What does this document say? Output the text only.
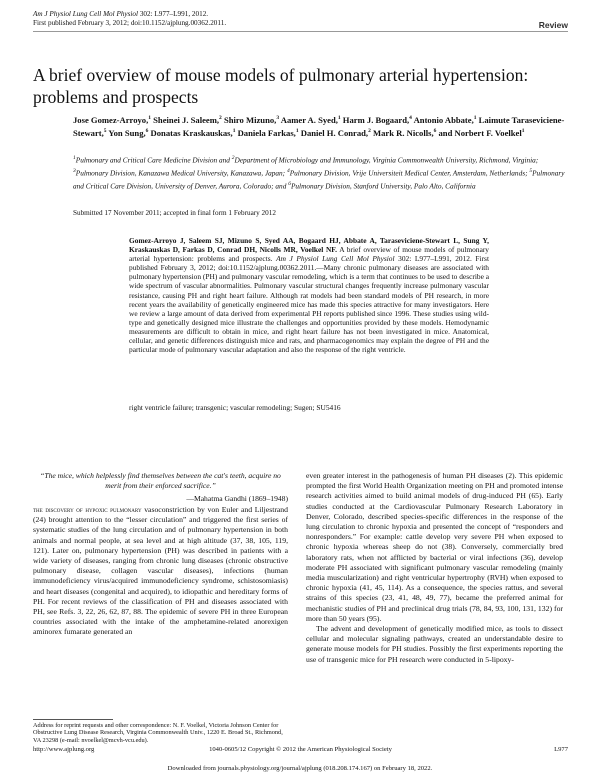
Am J Physiol Lung Cell Mol Physiol 302: L977–L991, 2012.
First published February 3, 2012; doi:10.1152/ajplung.00362.2011.	Review
A brief overview of mouse models of pulmonary arterial hypertension: problems and prospects
Jose Gomez-Arroyo,$^1$ Sheinei J. Saleem,$^2$ Shiro Mizuno,$^3$ Aamer A. Syed,$^1$ Harm J. Bogaard,$^4$ Antonio Abbate,$^1$ Laimute Taraseviciene-Stewart,$^5$ Yon Sung,$^6$ Donatas Kraskauskas,$^1$ Daniela Farkas,$^1$ Daniel H. Conrad,$^2$ Mark R. Nicolls,$^6$ and Norbert F. Voelkel$^1$
$^1$Pulmonary and Critical Care Medicine Division and $^2$Department of Microbiology and Immunology, Virginia Commonwealth University, Richmond, Virginia; $^3$Pulmonary Division, Kanazawa Medical University, Kanazawa, Japan; $^4$Pulmonary Division, Vrije Universiteit Medical Center, Amsterdam, Netherlands; $^5$Pulmonary and Critical Care Division, University of Denver, Aurora, Colorado; and $^6$Pulmonary Division, Stanford University, Palo Alto, California
Submitted 17 November 2011; accepted in final form 1 February 2012
Gomez-Arroyo J, Saleem SJ, Mizuno S, Syed AA, Bogaard HJ, Abbate A, Taraseviciene-Stewart L, Sung Y, Kraskauskas D, Farkas D, Conrad DH, Nicolls MR, Voelkel NF. A brief overview of mouse models of pulmonary arterial hypertension: problems and prospects. Am J Physiol Lung Cell Mol Physiol 302: L977–L991, 2012. First published February 3, 2012; doi:10.1152/ajplung.00362.2011.—Many chronic pulmonary diseases are associated with pulmonary hypertension (PH) and pulmonary vascular remodeling, which is a term that continues to be used to describe a wide spectrum of vascular abnormalities. Pulmonary vascular structural changes frequently increase pulmonary vascular resistance, causing PH and right heart failure. Although rat models had been standard models of PH research, in more recent years the availability of genetically engineered mice has made this species attractive for many investigators. Here we review a large amount of data derived from experimental PH reports published since 1996. These studies using wild-type and genetically designed mice illustrate the challenges and opportunities provided by these models. Hemodynamic measurements are difficult to obtain in mice, and right heart failure has not been investigated in mice. Anatomical, cellular, and genetic differences distinguish mice and rats, and pharmacogenomics may explain the degree of PH and the particular mode of pulmonary vascular adaptation and also the response of the right ventricle.
right ventricle failure; transgenic; vascular remodeling; Sugen; SU5416
“The mice, which helplessly find themselves between the cat's teeth, acquire no merit from their enforced sacrifice.”
—Mahatma Gandhi (1869–1948)
the discovery of hypoxic pulmonary vasoconstriction by von Euler and Liljestrand (24) brought attention to the “lesser circulation” and triggered the first series of systematic studies of the lung circulation and of pulmonary hypertension in both animals and normal people, at sea level and at high altitude (37, 38, 105, 119, 121). Later on, pulmonary hypertension (PH) was described in patients with a wide variety of diseases, ranging from chronic lung diseases (chronic obstructive pulmonary disease, collagen vascular diseases), infections (human immunodeficiency virus/acquired immunodeficiency syndrome, schistosomiasis) and heart diseases (congenital and acquired), to idiopathic and hereditary forms of PH. For recent reviews of the classification of PH and diseases associated with PH, see Refs. 3, 22, 26, 62, 87, 88. The epidemic of severe PH in three European countries associated with the intake of the amphetamine-related anorexigen aminorex fumarate generated an
even greater interest in the pathogenesis of human PH diseases (2). This epidemic prompted the first World Health Organization meeting on PH and promoted intense research activities aimed to build animal models of drug-induced PH (65). Early studies conducted at the Cardiovascular Pulmonary Research Laboratory in Denver, Colorado, described species-specific differences in the response of the lung circulation to chronic hypoxia and presented the concept of “responders and nonresponders.” For example: cattle develop very severe PH when exposed to chronic hypoxia whereas sheep do not (38). Conversely, commercially bred laboratory rats, when not afflicted by bacterial or viral infections (36), develop moderate PH associated with significant pulmonary vascular remodeling (mainly media muscularization) and right ventricular hypertrophy (RVH) when exposed to chronic hypoxia (41, 45, 114). As a consequence, the species rattus, and several strains of this species (23, 41, 48, 49, 77), became the preferred animal for mechanistic studies of PH and preclinical drug trials (78, 84, 93, 100, 131, 132) for more than 50 years (95).
The advent and development of genetically modified mice, as tools to dissect cellular and molecular signaling pathways, created an understandable desire to generate mouse models for PH studies. Possibly the first experiments reporting the use of transgenic mice for PH research were conducted in 5-lipoxy-
Address for reprint requests and other correspondence: N. F. Voelkel, Victoria Johnson Center for Obstructive Lung Disease Research, Virginia Commonwealth Univ., 1220 E. Broad St., Richmond, VA 23298 (e-mail: nvoelkel@mcvh-vcu.edu).
http://www.ajplung.org	1040-0605/12 Copyright © 2012 the American Physiological Society	L977
Downloaded from journals.physiology.org/journal/ajplung (018.208.174.167) on February 18, 2022.
